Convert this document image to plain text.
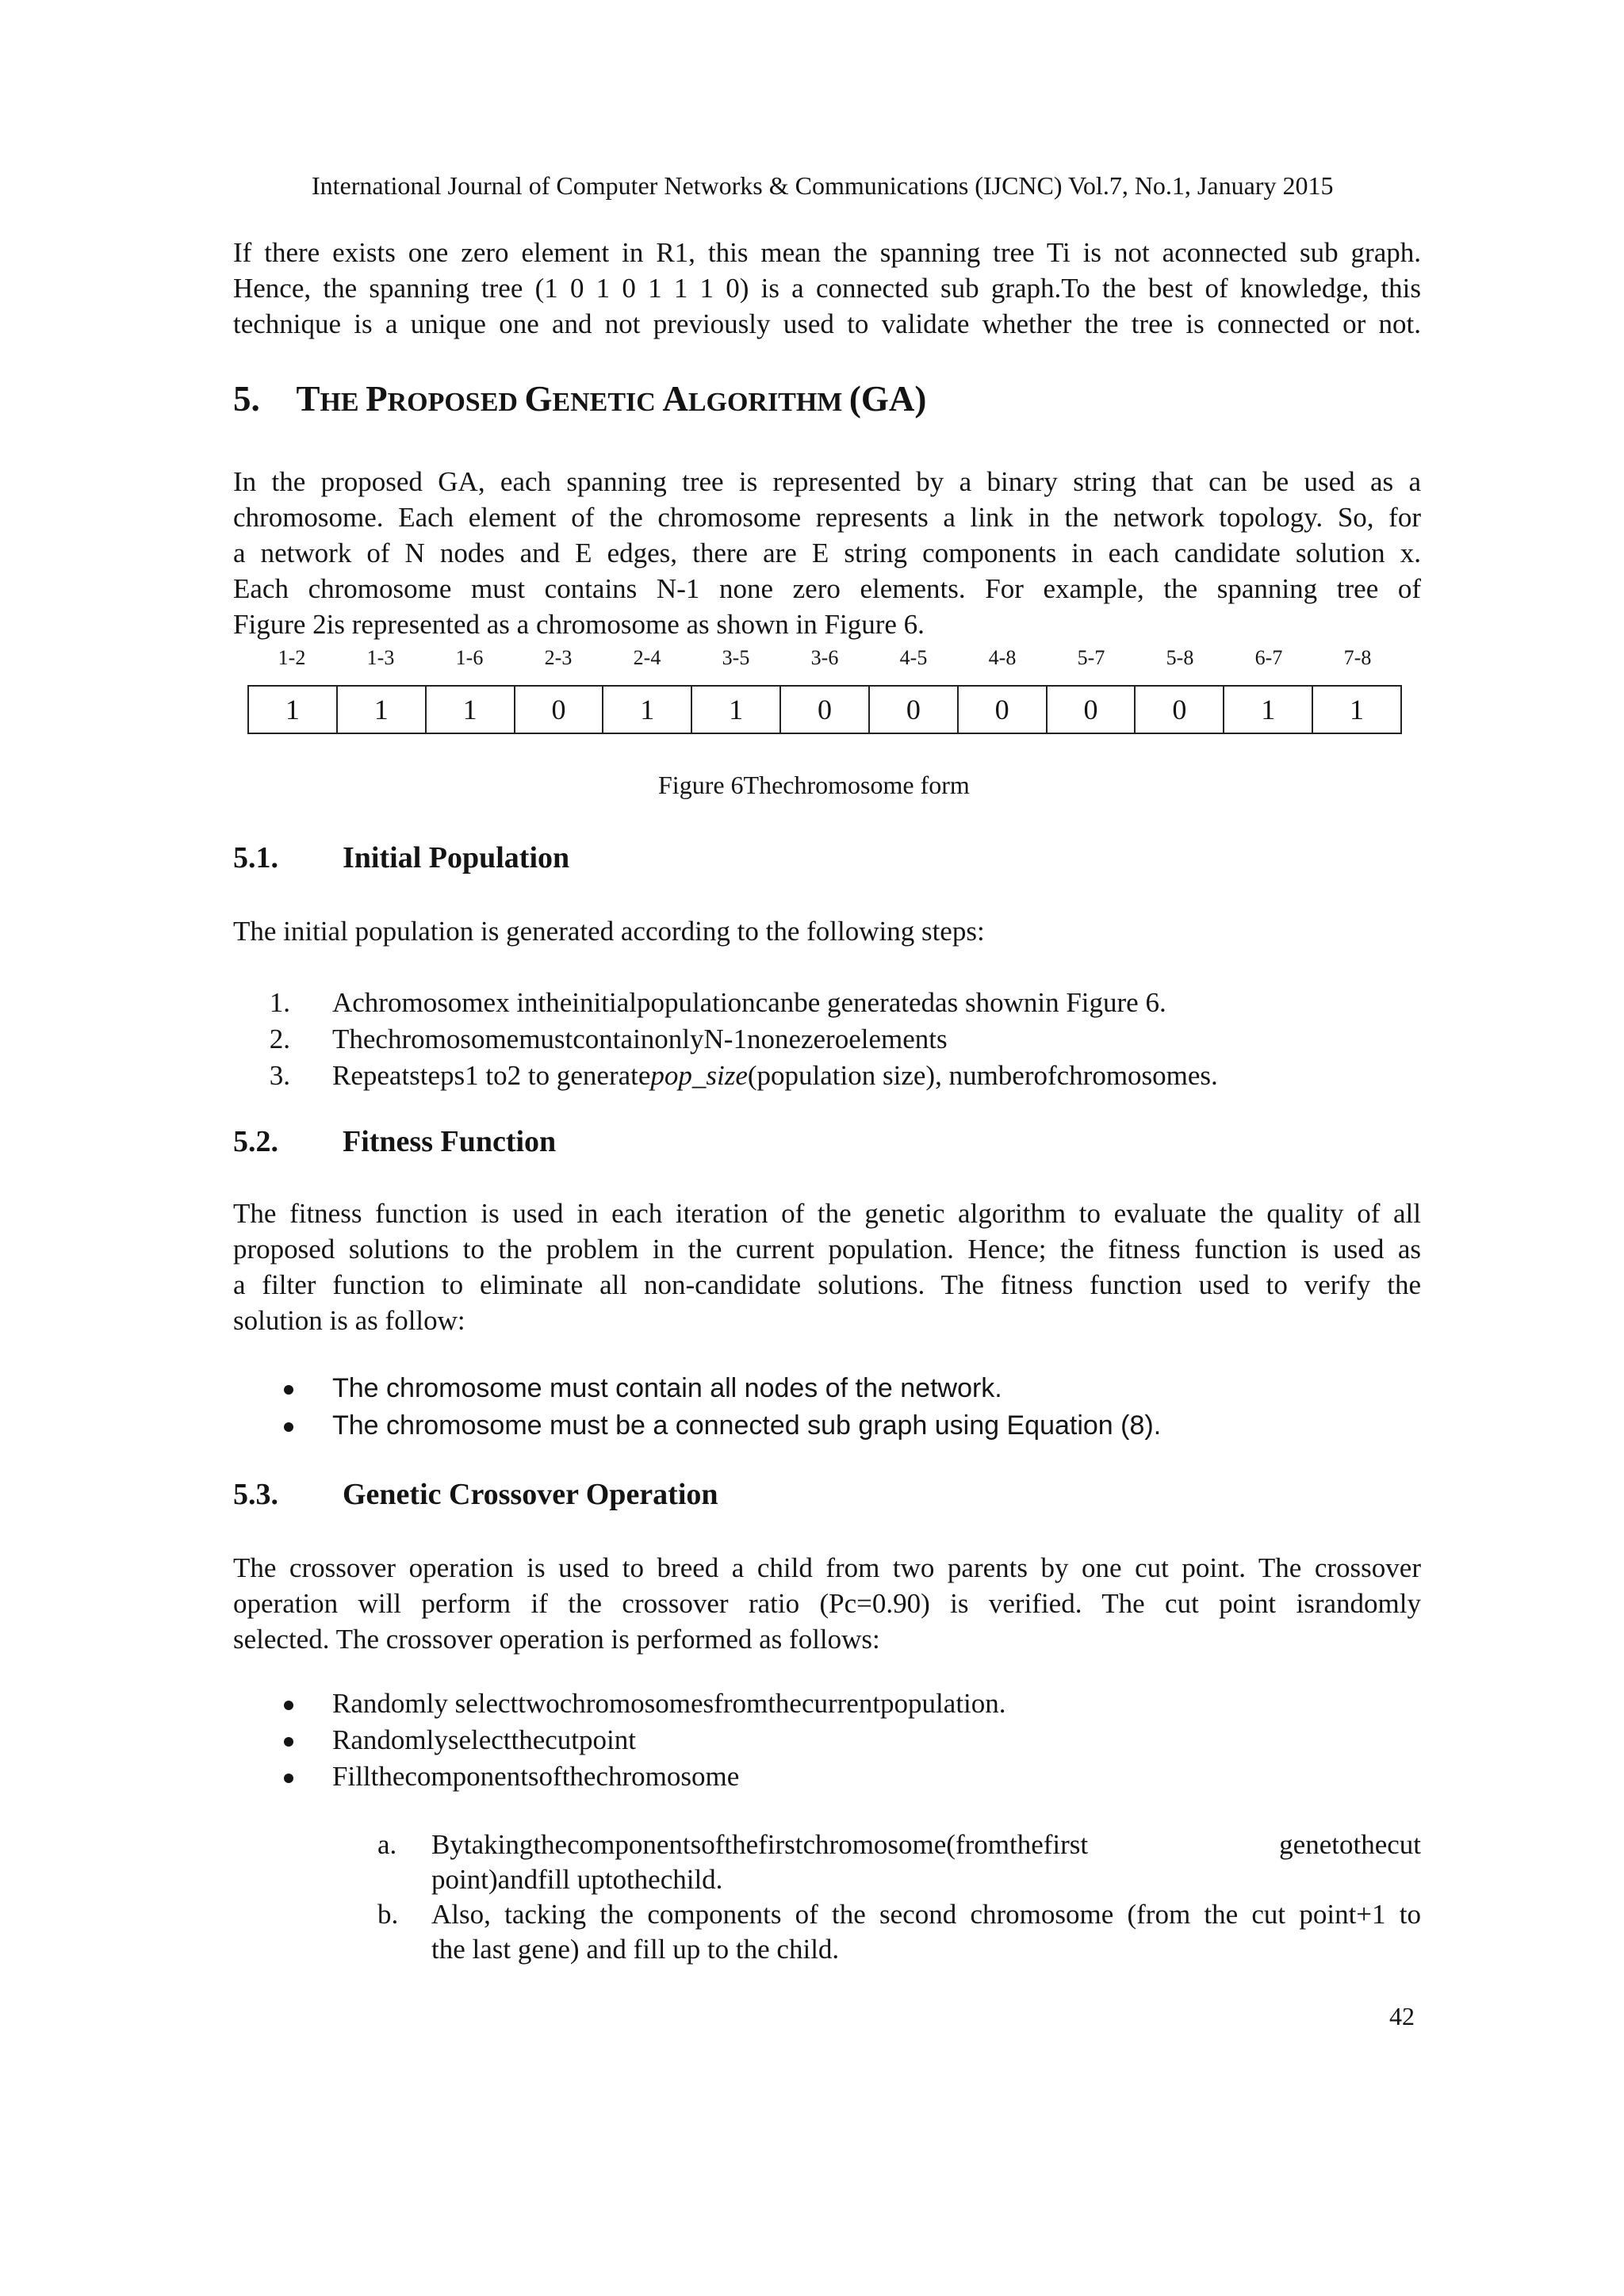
International Journal of Computer Networks & Communications (IJCNC) Vol.7, No.1, January 2015
If there exists one zero element in R1, this mean the spanning tree Ti is not aconnected sub graph.
Hence, the spanning tree (1 0 1 0 1 1 1 0) is a connected sub graph.To the best of knowledge, this
technique is a unique one and not previously used to validate whether the tree is connected or not.
5. THE PROPOSED GENETIC ALGORITHM (GA)
In the proposed GA, each spanning tree is represented by a binary string that can be used as a
chromosome. Each element of the chromosome represents a link in the network topology. So, for
a network of N nodes and E edges, there are E string components in each candidate solution x.
Each chromosome must contains N-1 none zero elements. For example, the spanning tree of
Figure 2is represented as a chromosome as shown in Figure 6.
1-2	1-3	1-6	2-3	2-4	3-5	3-6	4-5	4-8	5-7	5-8	6-7	7-8
1	1	1	0	1	1	0	0	0	0	0	1	1
Figure 6Thechromosome form
5.1. Initial Population
The initial population is generated according to the following steps:
1.	Achromosomex intheinitialpopulationcanbe generatedas shownin Figure 6.
2.	ThechromosomemustcontainonlyN-1nonezeroelements
3.	Repeatsteps1 to2 to generatepop_size(population size), numberofchromosomes.
5.2. Fitness Function
The fitness function is used in each iteration of the genetic algorithm to evaluate the quality of all
proposed solutions to the problem in the current population. Hence; the fitness function is used as
a filter function to eliminate all non-candidate solutions. The fitness function used to verify the
solution is as follow:
The chromosome must contain all nodes of the network.
The chromosome must be a connected sub graph using Equation (8).
5.3. Genetic Crossover Operation
The crossover operation is used to breed a child from two parents by one cut point. The crossover
operation will perform if the crossover ratio (Pc=0.90) is verified. The cut point israndomly
selected. The crossover operation is performed as follows:
Randomly selecttwochromosomesfromthecurrentpopulation.
Randomlyselectthecutpoint
Fillthecomponentsofthechromosome
a. Bytakingthecomponentsofthefirstchromosome(fromthefirst genetothecut
point)andfill uptothechild.
b. Also, tacking the components of the second chromosome (from the cut point+1 to
the last gene) and fill up to the child.
42
